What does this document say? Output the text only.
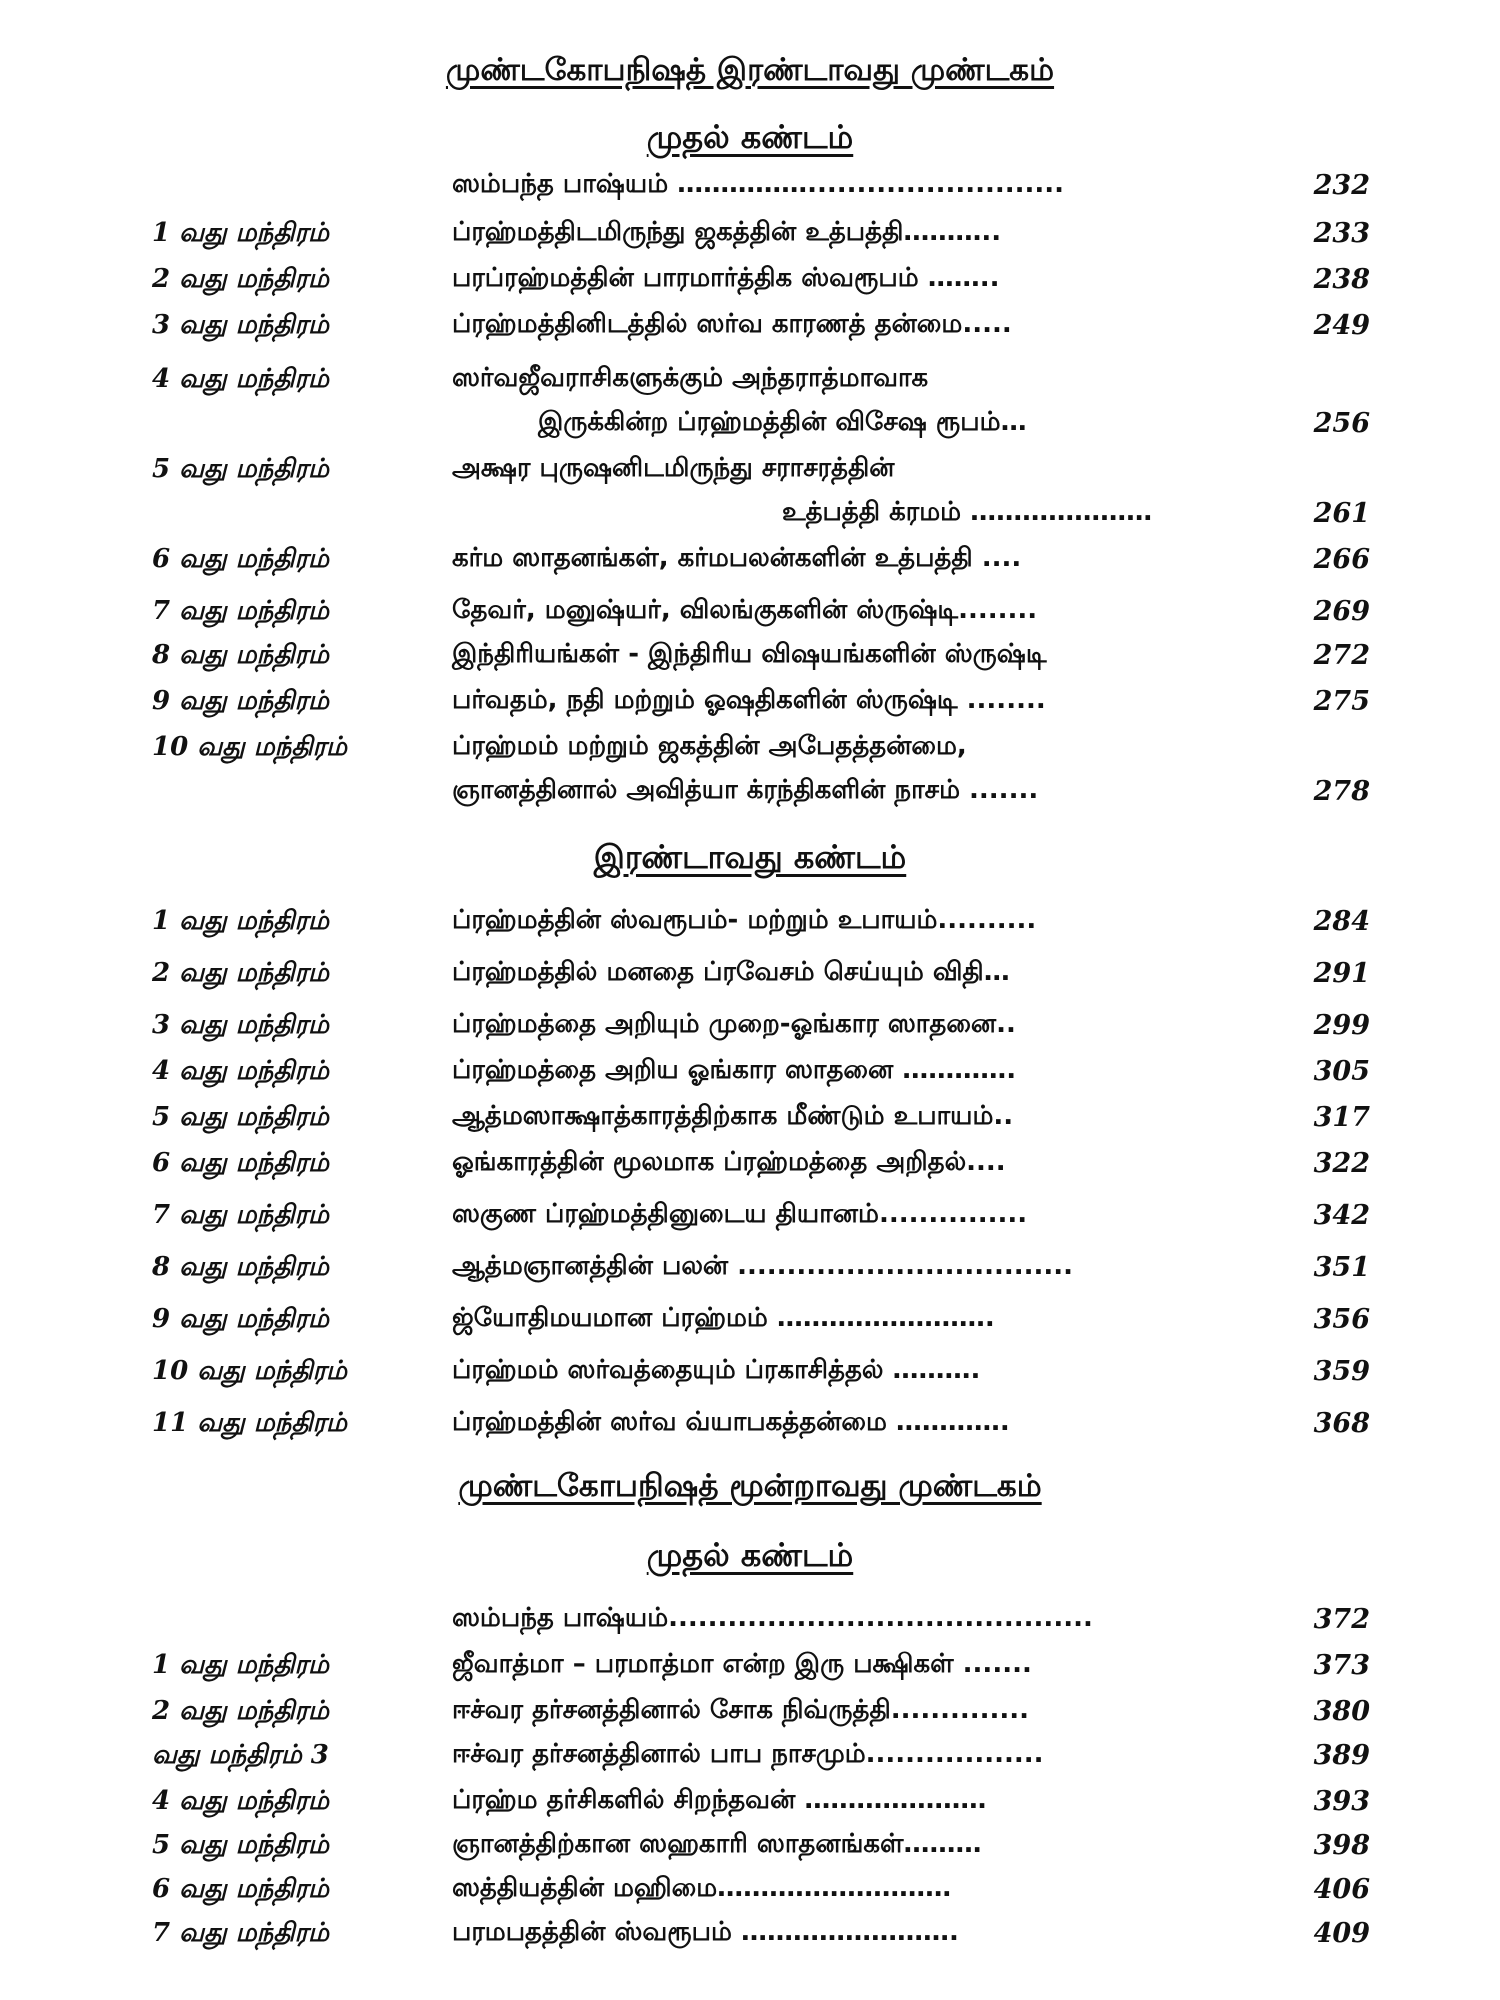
முண்டகோபநிஷத் இரண்டாவது முண்டகம்
முதல் கண்டம்
ஸம்பந்த பாஷ்யம் ……………..........................	232
1 வது மந்திரம்	ப்ரஹ்மத்திடமிருந்து ஜகத்தின் உத்பத்தி………..	233
2 வது மந்திரம்	பரப்ரஹ்மத்தின் பாரமார்த்திக ஸ்வரூபம் ……..	238
3 வது மந்திரம்	ப்ரஹ்மத்தினிடத்தில் ஸர்வ காரணத் தன்மை.....	249
4 வது மந்திரம்	ஸர்வஜீவராசிகளுக்கும் அந்தராத்மாவாக
இருக்கின்ற ப்ரஹ்மத்தின் விசேஷ ரூபம்…	256
5 வது மந்திரம்	அக்ஷர புருஷனிடமிருந்து சராசரத்தின்
உத்பத்தி க்ரமம் …………………	261
6 வது மந்திரம்	கர்ம ஸாதனங்கள், கர்மபலன்களின் உத்பத்தி ....	266
7 வது மந்திரம்	தேவர், மனுஷ்யர், விலங்குகளின் ஸ்ருஷ்டி........	269
8 வது மந்திரம்	இந்திரியங்கள் - இந்திரிய விஷயங்களின் ஸ்ருஷ்டி	272
9 வது மந்திரம்	பர்வதம், நதி மற்றும் ஓஷதிகளின் ஸ்ருஷ்டி ........	275
10 வது மந்திரம்	ப்ரஹ்மம் மற்றும் ஜகத்தின் அபேதத்தன்மை,
ஞானத்தினால் அவித்யா க்ரந்திகளின் நாசம் .......	278
இரண்டாவது கண்டம்
1 வது மந்திரம்	ப்ரஹ்மத்தின் ஸ்வரூபம்- மற்றும் உபாயம்..........	284
2 வது மந்திரம்	ப்ரஹ்மத்தில் மனதை ப்ரவேசம் செய்யும் விதி…	291
3 வது மந்திரம்	ப்ரஹ்மத்தை அறியும் முறை-ஓங்கார ஸாதனை..	299
4 வது மந்திரம்	ப்ரஹ்மத்தை அறிய ஓங்கார ஸாதனை ………….	305
5 வது மந்திரம்	ஆத்மஸாக்ஷாத்காரத்திற்காக மீண்டும் உபாயம்..	317
6 வது மந்திரம்	ஓங்காரத்தின் மூலமாக ப்ரஹ்மத்தை அறிதல்....	322
7 வது மந்திரம்	ஸகுண ப்ரஹ்மத்தினுடைய தியானம்...............	342
8 வது மந்திரம்	ஆத்மஞானத்தின் பலன் ..................................	351
9 வது மந்திரம்	ஜ்யோதிமயமான ப்ரஹ்மம் …………………….	356
10 வது மந்திரம்	ப்ரஹ்மம் ஸர்வத்தையும் ப்ரகாசித்தல் ……….	359
11 வது மந்திரம்	ப்ரஹ்மத்தின் ஸர்வ வ்யாபகத்தன்மை ………….	368
முண்டகோபநிஷத் மூன்றாவது முண்டகம்
முதல் கண்டம்
ஸம்பந்த பாஷ்யம்...........................................	372
1 வது மந்திரம்	ஜீவாத்மா – பரமாத்மா என்ற இரு பக்ஷிகள் .......	373
2 வது மந்திரம்	ஈச்வர தர்சனத்தினால் சோக நிவ்ருத்தி..............	380
வது மந்திரம் 3	ஈச்வர தர்சனத்தினால் பாப நாசமும்..................	389
4 வது மந்திரம்	ப்ரஹ்ம தர்சிகளில் சிறந்தவன் …………………	393
5 வது மந்திரம்	ஞானத்திற்கான ஸஹகாரி ஸாதனங்கள்………	398
6 வது மந்திரம்	ஸத்தியத்தின் மஹிமை………………………	406
7 வது மந்திரம்	பரமபதத்தின் ஸ்வரூபம் …………………….	409
